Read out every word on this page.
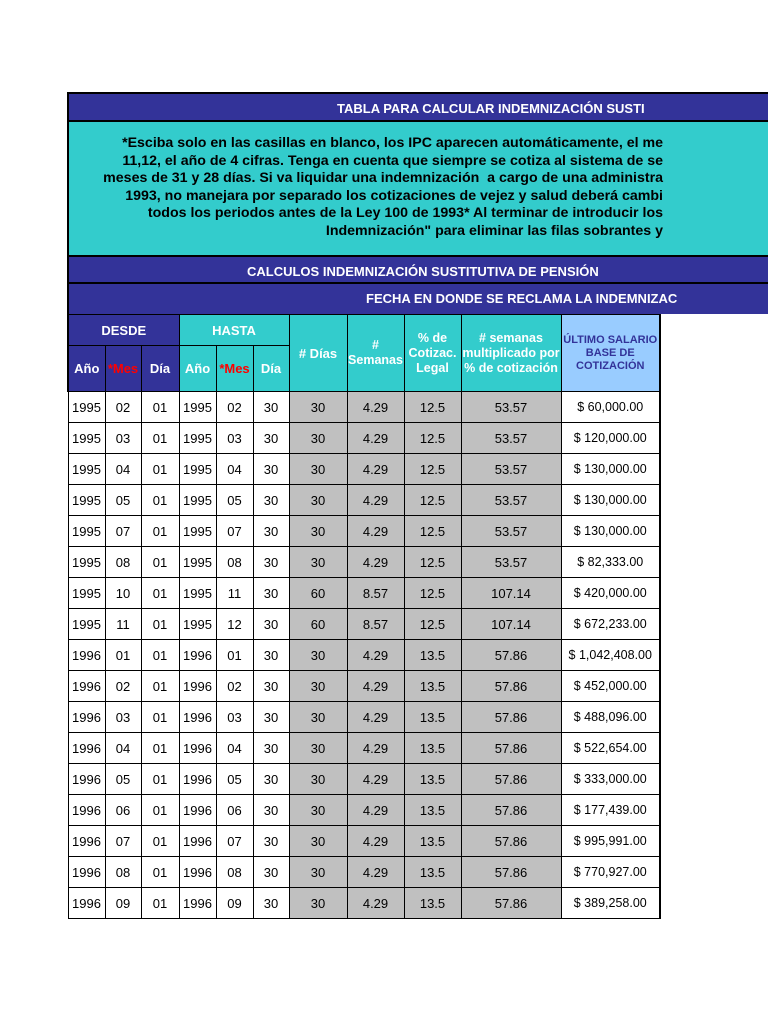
TABLA PARA CALCULAR INDEMNIZACIÓN SUSTI

*Esciba solo en las casillas en blanco, los IPC aparecen automáticamente, el me
11,12, el año de 4 cifras. Tenga en cuenta que siempre se cotiza al sistema de se
meses de 31 y 28 días. Si va liquidar una indemnización  a cargo de una administra
1993, no manejara por separado los cotizaciones de vejez y salud deberá cambi
todos los periodos antes de la Ley 100 de 1993* Al terminar de introducir los
Indemnización" para eliminar las filas sobrantes y

CALCULOS INDEMNIZACIÓN SUSTITUTIVA DE PENSIÓN
FECHA EN DONDE SE RECLAMA LA INDEMNIZAC
DESDE			HASTA			# Días	# Semanas	% de Cotizac. Legal	# semanas multiplicado por % de cotización	ÚLTIMO SALARIO BASE DE COTIZACIÓN
Año	*Mes	Día	Año	*Mes	Día					
1995	02	01	1995	02	30	30	4.29	12.5	53.57	$ 60,000.00
1995	03	01	1995	03	30	30	4.29	12.5	53.57	$ 120,000.00
1995	04	01	1995	04	30	30	4.29	12.5	53.57	$ 130,000.00
1995	05	01	1995	05	30	30	4.29	12.5	53.57	$ 130,000.00
1995	07	01	1995	07	30	30	4.29	12.5	53.57	$ 130,000.00
1995	08	01	1995	08	30	30	4.29	12.5	53.57	$ 82,333.00
1995	10	01	1995	11	30	60	8.57	12.5	107.14	$ 420,000.00
1995	11	01	1995	12	30	60	8.57	12.5	107.14	$ 672,233.00
1996	01	01	1996	01	30	30	4.29	13.5	57.86	$ 1,042,408.00
1996	02	01	1996	02	30	30	4.29	13.5	57.86	$ 452,000.00
1996	03	01	1996	03	30	30	4.29	13.5	57.86	$ 488,096.00
1996	04	01	1996	04	30	30	4.29	13.5	57.86	$ 522,654.00
1996	05	01	1996	05	30	30	4.29	13.5	57.86	$ 333,000.00
1996	06	01	1996	06	30	30	4.29	13.5	57.86	$ 177,439.00
1996	07	01	1996	07	30	30	4.29	13.5	57.86	$ 995,991.00
1996	08	01	1996	08	30	30	4.29	13.5	57.86	$ 770,927.00
1996	09	01	1996	09	30	30	4.29	13.5	57.86	$ 389,258.00
